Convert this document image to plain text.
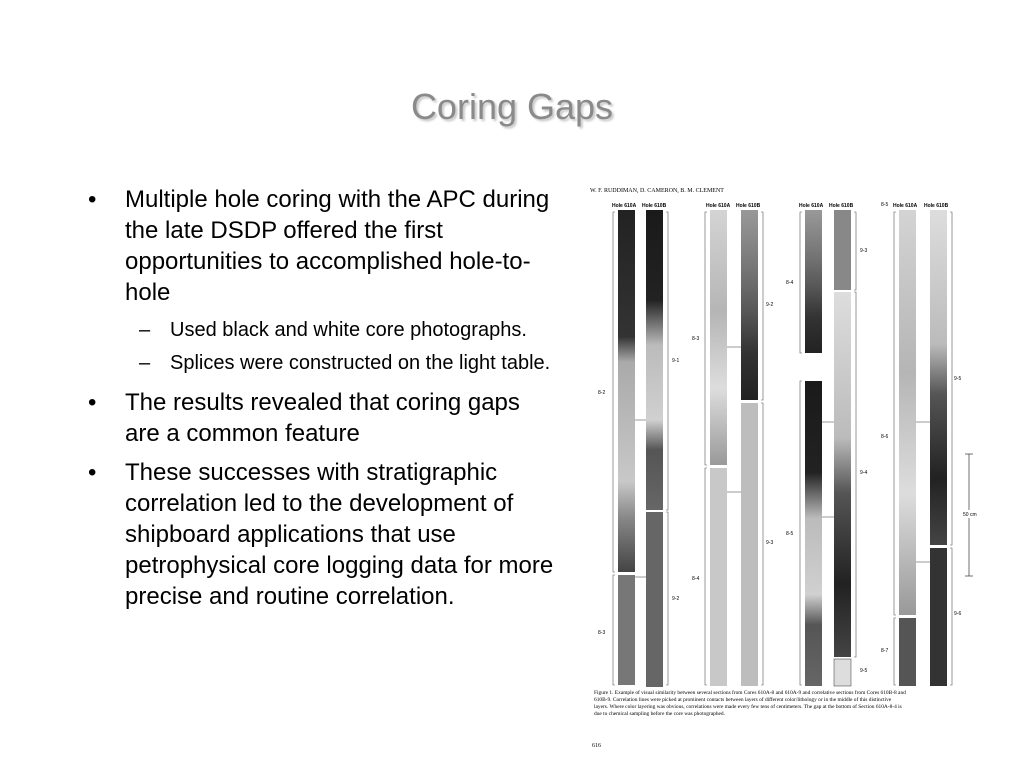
Coring Gaps
• Multiple hole coring with the APC during the late DSDP offered the first opportunities to accomplished hole-to-hole
– Used black and white core photographs.
– Splices were constructed on the light table.
• The results revealed that coring gaps are a common feature
• These successes with stratigraphic correlation led to the development of shipboard applications that use petrophysical core logging data for more precise and routine correlation.
W. F. RUDDIMAN, D. CAMERON, B. M. CLEMENT
Hole 610A Hole 610B	Hole 610A Hole 610B	Hole 610A Hole 610B	Hole 610A Hole 610B
8-2
8-3
8-3
8-4
8-4
8-5
8-5
8-6
8-7
9-1
9-2
9-2
9-3
9-3
9-4
9-5
9-5
9-6
50 cm
Figure 1. Example of visual similarity between several sections from Cores 610A-8 and 610A-9 and correlative sections from Cores 610B-8 and
610B-9. Correlation lines were picked at prominent contacts between layers of different color/lithology or in the middle of this distinctive
layers. Where color layering was obvious, correlations were made every few tens of centimeters. The gap at the bottom of Section 610A-8-4 is
due to chemical sampling before the core was photographed.
616
